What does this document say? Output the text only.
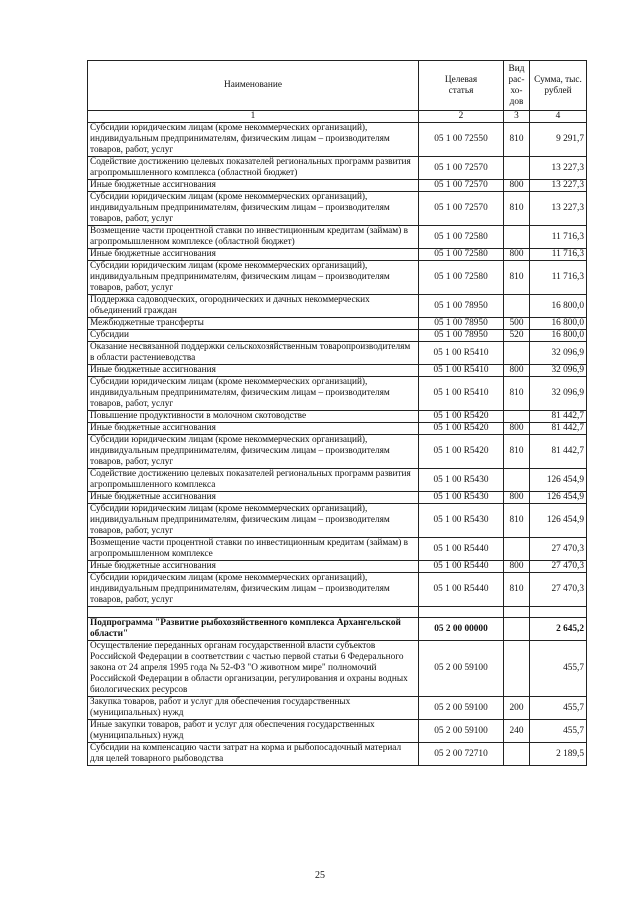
Наименование	Целевая статья	Вид рас- хо- дов	Сумма, тыс. рублей
1	2	3	4
Субсидии юридическим лицам (кроме некоммерческих организаций), индивидуальным предпринимателям, физическим лицам – производителям товаров, работ, услуг	05 1 00 72550	810	9 291,7
Содействие достижению целевых показателей региональных программ развития агропромышленного комплекса (областной бюджет)	05 1 00 72570		13 227,3
Иные бюджетные ассигнования	05 1 00 72570	800	13 227,3
Субсидии юридическим лицам (кроме некоммерческих организаций), индивидуальным предпринимателям, физическим лицам – производителям товаров, работ, услуг	05 1 00 72570	810	13 227,3
Возмещение части процентной ставки по инвестиционным кредитам (займам) в агропромышленном комплексе (областной бюджет)	05 1 00 72580		11 716,3
Иные бюджетные ассигнования	05 1 00 72580	800	11 716,3
Субсидии юридическим лицам (кроме некоммерческих организаций), индивидуальным предпринимателям, физическим лицам – производителям товаров, работ, услуг	05 1 00 72580	810	11 716,3
Поддержка садоводческих, огороднических и дачных некоммерческих объединений граждан	05 1 00 78950		16 800,0
Межбюджетные трансферты	05 1 00 78950	500	16 800,0
Субсидии	05 1 00 78950	520	16 800,0
Оказание несвязанной поддержки сельскохозяйственным товаропроизводителям в области растениеводства	05 1 00 R5410		32 096,9
Иные бюджетные ассигнования	05 1 00 R5410	800	32 096,9
Субсидии юридическим лицам (кроме некоммерческих организаций), индивидуальным предпринимателям, физическим лицам – производителям товаров, работ, услуг	05 1 00 R5410	810	32 096,9
Повышение продуктивности в молочном скотоводстве	05 1 00 R5420		81 442,7
Иные бюджетные ассигнования	05 1 00 R5420	800	81 442,7
Субсидии юридическим лицам (кроме некоммерческих организаций), индивидуальным предпринимателям, физическим лицам – производителям товаров, работ, услуг	05 1 00 R5420	810	81 442,7
Содействие достижению целевых показателей региональных программ развития агропромышленного комплекса	05 1 00 R5430		126 454,9
Иные бюджетные ассигнования	05 1 00 R5430	800	126 454,9
Субсидии юридическим лицам (кроме некоммерческих организаций), индивидуальным предпринимателям, физическим лицам – производителям товаров, работ, услуг	05 1 00 R5430	810	126 454,9
Возмещение части процентной ставки по инвестиционным кредитам (займам) в агропромышленном комплексе	05 1 00 R5440		27 470,3
Иные бюджетные ассигнования	05 1 00 R5440	800	27 470,3
Субсидии юридическим лицам (кроме некоммерческих организаций), индивидуальным предпринимателям, физическим лицам – производителям товаров, работ, услуг	05 1 00 R5440	810	27 470,3

Подпрограмма "Развитие рыбохозяйственного комплекса Архангельской области"	05 2 00 00000		2 645,2
Осуществление переданных органам государственной власти субъектов Российской Федерации в соответствии с частью первой статьи 6 Федерального закона от 24 апреля 1995 года № 52-ФЗ "О животном мире" полномочий Российской Федерации в области организации, регулирования и охраны водных биологических ресурсов	05 2 00 59100		455,7
Закупка товаров, работ и услуг для обеспечения государственных (муниципальных) нужд	05 2 00 59100	200	455,7
Иные закупки товаров, работ и услуг для обеспечения государственных (муниципальных) нужд	05 2 00 59100	240	455,7
Субсидии на компенсацию части затрат на корма и рыбопосадочный материал для целей товарного рыбоводства	05 2 00 72710		2 189,5
25
